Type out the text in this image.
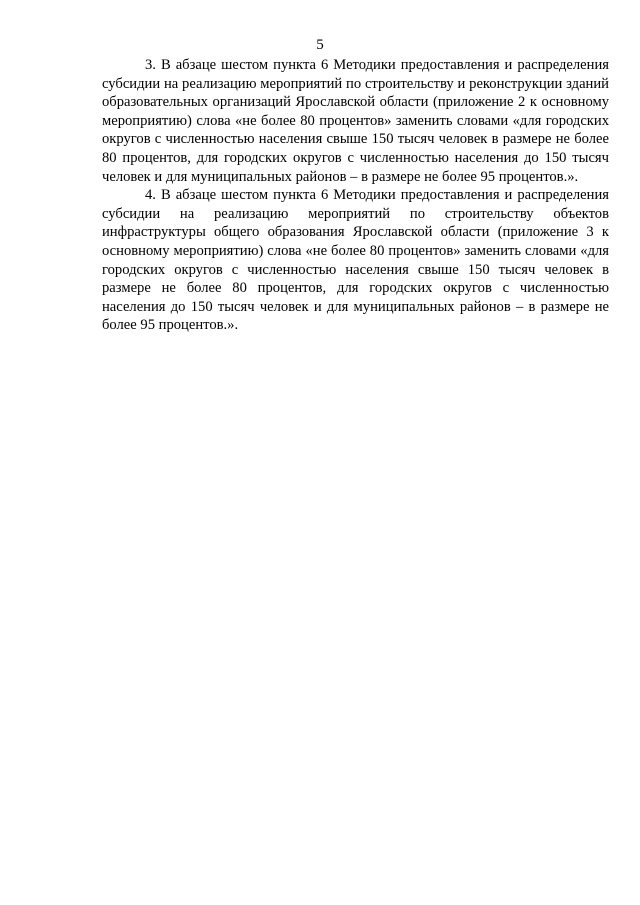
5

3. В абзаце шестом пункта 6 Методики предоставления и распределения субсидии на реализацию мероприятий по строительству и реконструкции зданий образовательных организаций Ярославской области (приложение 2 к основному мероприятию) слова «не более 80 процентов» заменить словами «для городских округов с численностью населения свыше 150 тысяч человек в размере не более 80 процентов, для городских округов с численностью населения до 150 тысяч человек и для муниципальных районов – в размере не более 95 процентов.».

4. В абзаце шестом пункта 6 Методики предоставления и распределения субсидии на реализацию мероприятий по строительству объектов инфраструктуры общего образования Ярославской области (приложение 3 к основному мероприятию) слова «не более 80 процентов» заменить словами «для городских округов с численностью населения свыше 150 тысяч человек в размере не более 80 процентов, для городских округов с численностью населения до 150 тысяч человек и для муниципальных районов – в размере не более 95 процентов.».
